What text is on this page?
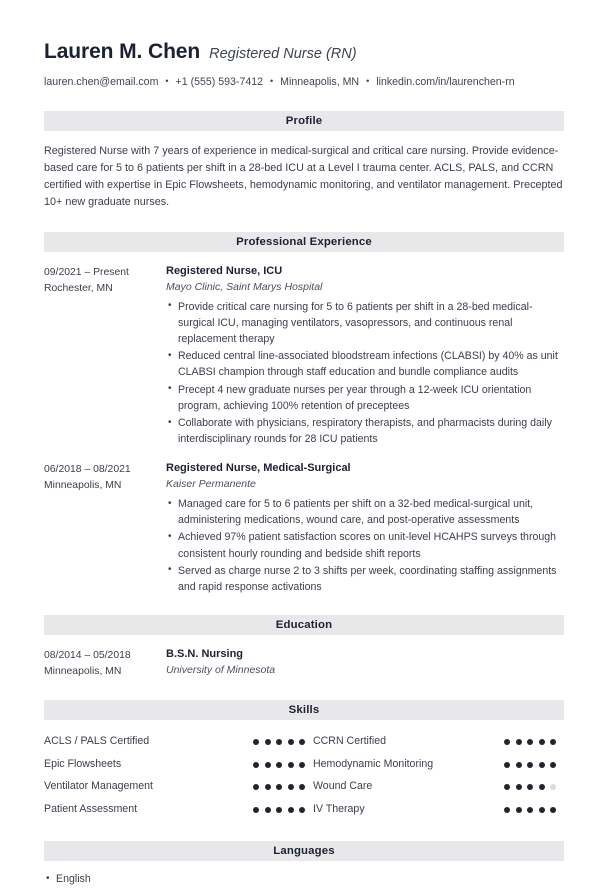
Lauren M. Chen Registered Nurse (RN)
lauren.chen@email.com • +1 (555) 593-7412 • Minneapolis, MN • linkedin.com/in/laurenchen-rn
Profile
Registered Nurse with 7 years of experience in medical-surgical and critical care nursing. Provide evidence-based care for 5 to 6 patients per shift in a 28-bed ICU at a Level I trauma center. ACLS, PALS, and CCRN certified with expertise in Epic Flowsheets, hemodynamic monitoring, and ventilator management. Precepted 10+ new graduate nurses.
Professional Experience
09/2021 – Present
Rochester, MN
Registered Nurse, ICU
Mayo Clinic, Saint Marys Hospital
• Provide critical care nursing for 5 to 6 patients per shift in a 28-bed medical-surgical ICU, managing ventilators, vasopressors, and continuous renal replacement therapy
• Reduced central line-associated bloodstream infections (CLABSI) by 40% as unit CLABSI champion through staff education and bundle compliance audits
• Precept 4 new graduate nurses per year through a 12-week ICU orientation program, achieving 100% retention of preceptees
• Collaborate with physicians, respiratory therapists, and pharmacists during daily interdisciplinary rounds for 28 ICU patients
06/2018 – 08/2021
Minneapolis, MN
Registered Nurse, Medical-Surgical
Kaiser Permanente
• Managed care for 5 to 6 patients per shift on a 32-bed medical-surgical unit, administering medications, wound care, and post-operative assessments
• Achieved 97% patient satisfaction scores on unit-level HCAHPS surveys through consistent hourly rounding and bedside shift reports
• Served as charge nurse 2 to 3 shifts per week, coordinating staffing assignments and rapid response activations
Education
08/2014 – 05/2018
Minneapolis, MN
B.S.N. Nursing
University of Minnesota
Skills
ACLS / PALS Certified	CCRN Certified
Epic Flowsheets	Hemodynamic Monitoring
Ventilator Management	Wound Care
Patient Assessment	IV Therapy
Languages
• English
